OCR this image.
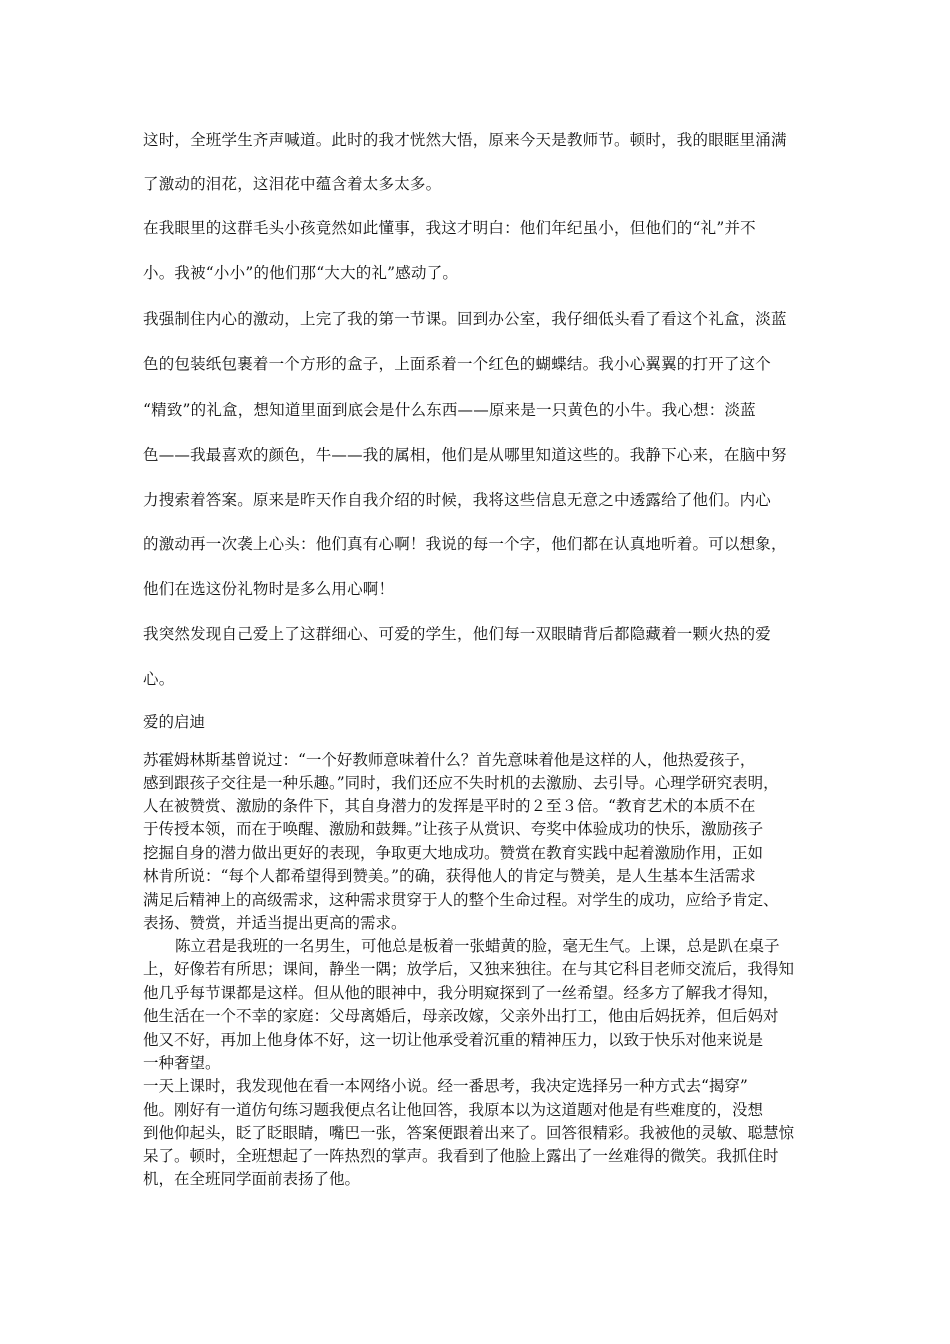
这时，全班学生齐声喊道。此时的我才恍然大悟，原来今天是教师节。顿时，我的眼眶里涌满
了激动的泪花，这泪花中蕴含着太多太多。
在我眼里的这群毛头小孩竟然如此懂事，我这才明白：他们年纪虽小，但他们的“礼”并不
小。我被“小小”的他们那“大大的礼”感动了。
我强制住内心的激动，上完了我的第一节课。回到办公室，我仔细低头看了看这个礼盒，淡蓝
色的包装纸包裹着一个方形的盒子，上面系着一个红色的蝴蝶结。我小心翼翼的打开了这个
“精致”的礼盒，想知道里面到底会是什么东西——原来是一只黄色的小牛。我心想：淡蓝
色——我最喜欢的颜色，牛——我的属相，他们是从哪里知道这些的。我静下心来，在脑中努
力搜索着答案。原来是昨天作自我介绍的时候，我将这些信息无意之中透露给了他们。内心
的激动再一次袭上心头：他们真有心啊！我说的每一个字，他们都在认真地听着。可以想象，
他们在选这份礼物时是多么用心啊！
我突然发现自己爱上了这群细心、可爱的学生，他们每一双眼睛背后都隐藏着一颗火热的爱
心。
爱的启迪
苏霍姆林斯基曾说过：“一个好教师意味着什么？首先意味着他是这样的人，他热爱孩子，
感到跟孩子交往是一种乐趣。”同时，我们还应不失时机的去激励、去引导。心理学研究表明，
人在被赞赏、激励的条件下，其自身潜力的发挥是平时的２至３倍。“教育艺术的本质不在
于传授本领，而在于唤醒、激励和鼓舞。”让孩子从赏识、夸奖中体验成功的快乐，激励孩子
挖掘自身的潜力做出更好的表现，争取更大地成功。赞赏在教育实践中起着激励作用，正如
林肯所说：“每个人都希望得到赞美。”的确，获得他人的肯定与赞美，是人生基本生活需求
满足后精神上的高级需求，这种需求贯穿于人的整个生命过程。对学生的成功，应给予肯定、
表扬、赞赏，并适当提出更高的需求。
陈立君是我班的一名男生，可他总是板着一张蜡黄的脸，毫无生气。上课，总是趴在桌子
上，好像若有所思；课间，静坐一隅；放学后，又独来独往。在与其它科目老师交流后，我得知
他几乎每节课都是这样。但从他的眼神中，我分明窥探到了一丝希望。经多方了解我才得知，
他生活在一个不幸的家庭：父母离婚后，母亲改嫁，父亲外出打工，他由后妈抚养，但后妈对
他又不好，再加上他身体不好，这一切让他承受着沉重的精神压力，以致于快乐对他来说是
一种奢望。
一天上课时，我发现他在看一本网络小说。经一番思考，我决定选择另一种方式去“揭穿”
他。刚好有一道仿句练习题我便点名让他回答，我原本以为这道题对他是有些难度的，没想
到他仰起头，眨了眨眼睛，嘴巴一张，答案便跟着出来了。回答很精彩。我被他的灵敏、聪慧惊
呆了。顿时，全班想起了一阵热烈的掌声。我看到了他脸上露出了一丝难得的微笑。我抓住时
机，在全班同学面前表扬了他。
